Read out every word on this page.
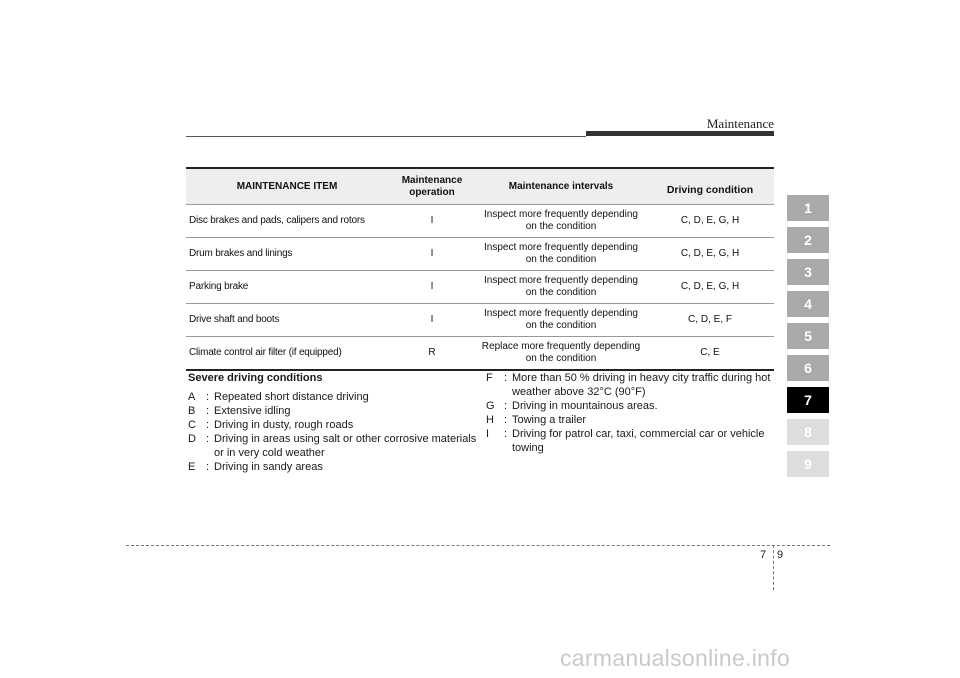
Maintenance
MAINTENANCE ITEM	Maintenance operation	Maintenance intervals	Driving condition
Disc brakes and pads, calipers and rotors	I	Inspect more frequently depending on the condition	C, D, E, G, H
Drum brakes and linings	I	Inspect more frequently depending on the condition	C, D, E, G, H
Parking brake	I	Inspect more frequently depending on the condition	C, D, E, G, H
Drive shaft and boots	I	Inspect more frequently depending on the condition	C, D, E, F
Climate control air filter (if equipped)	R	Replace more frequently depending on the condition	C, E
Severe driving conditions
A : Repeated short distance driving
B : Extensive idling
C : Driving in dusty, rough roads
D : Driving in areas using salt or other corrosive materials or in very cold weather
E : Driving in sandy areas
F	: More than 50 % driving in heavy city traffic during hot weather above 32°C (90°F)
G : Driving in mountainous areas.
H : Towing a trailer
I	: Driving for patrol car, taxi, commercial car or vehicle towing
1
2
3
4
5
6
7
8
9
7 9
carmanualsonline.info
